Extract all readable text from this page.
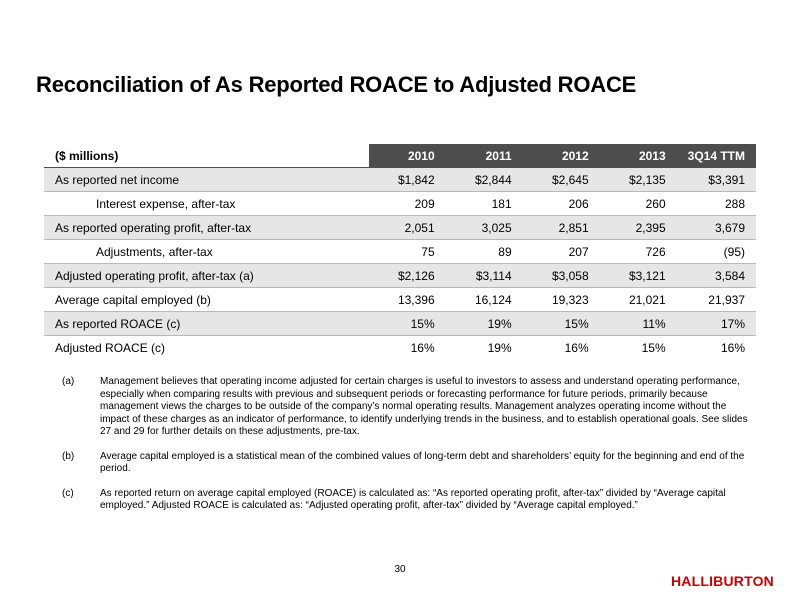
Reconciliation of As Reported ROACE to Adjusted ROACE
($ millions)	2010	2011	2012	2013	3Q14 TTM
As reported net income	$1,842	$2,844	$2,645	$2,135	$3,391
Interest expense, after-tax	209	181	206	260	288
As reported operating profit, after-tax	2,051	3,025	2,851	2,395	3,679
Adjustments, after-tax	75	89	207	726	(95)
Adjusted operating profit, after-tax (a)	$2,126	$3,114	$3,058	$3,121	3,584
Average capital employed (b)	13,396	16,124	19,323	21,021	21,937
As reported ROACE (c)	15%	19%	15%	11%	17%
Adjusted ROACE (c)	16%	19%	16%	15%	16%
(a)	Management believes that operating income adjusted for certain charges is useful to investors to assess and understand operating performance, especially when comparing results with previous and subsequent periods or forecasting performance for future periods, primarily because management views the charges to be outside of the company’s normal operating results. Management analyzes operating income without the impact of these charges as an indicator of performance, to identify underlying trends in the business, and to establish operational goals. See slides 27 and 29 for further details on these adjustments, pre-tax.
(b)	Average capital employed is a statistical mean of the combined values of long-term debt and shareholders’ equity for the beginning and end of the period.
(c)	As reported return on average capital employed (ROACE) is calculated as: “As reported operating profit, after-tax” divided by “Average capital employed.” Adjusted ROACE is calculated as: “Adjusted operating profit, after-tax” divided by “Average capital employed.”
30
HALLIBURTON
